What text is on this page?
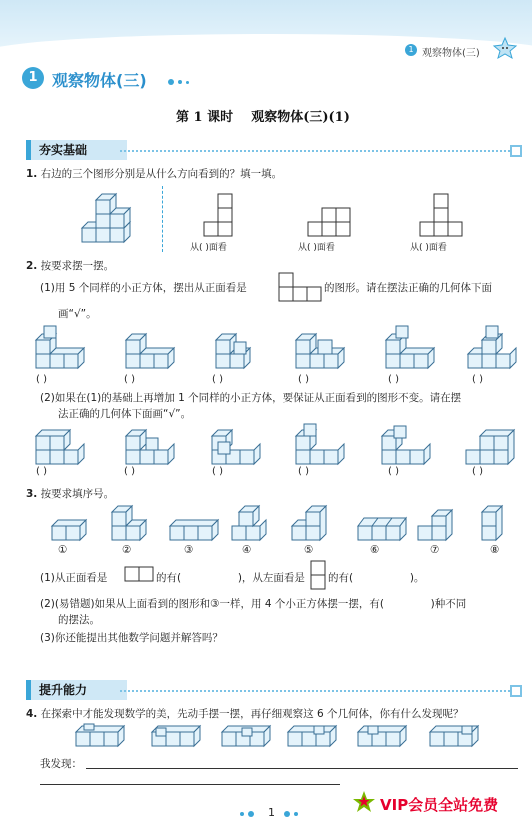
1 观察物体(三)
1 观察物体(三)
第 1 课时    观察物体(三)(1)
夯实基础
1. 右边的三个图形分别是从什么方向看到的？填一填。
从( )面看	从( )面看	从( )面看
2. 按要求摆一摆。
(1)用 5 个同样的小正方体，摆出从正面看是	的图形。请在摆法正确的几何体下面
画“√”。
( )	( )	( )	( )	( )	( )
(2)如果在(1)的基础上再增加 1 个同样的小正方体，要保证从正面看到的图形不变。请在摆
法正确的几何体下面画“√”。
( )	( )	( )	( )	( )	( )
3. 按要求填序号。
①	②	③	④	⑤	⑥	⑦	⑧
(1)从正面看是	的有(                 )，从左面看是 的有(                 )。
(2)(易错题)如果从上面看到的图形和③一样，用 4 个小正方体摆一摆，有(              )种不同
的摆法。
(3)你还能提出其他数学问题并解答吗？
提升能力
4. 在探索中才能发现数学的美，先动手摆一摆，再仔细观察这 6 个几何体，你有什么发现呢？
我发现：
1	VIP会员全站免费
